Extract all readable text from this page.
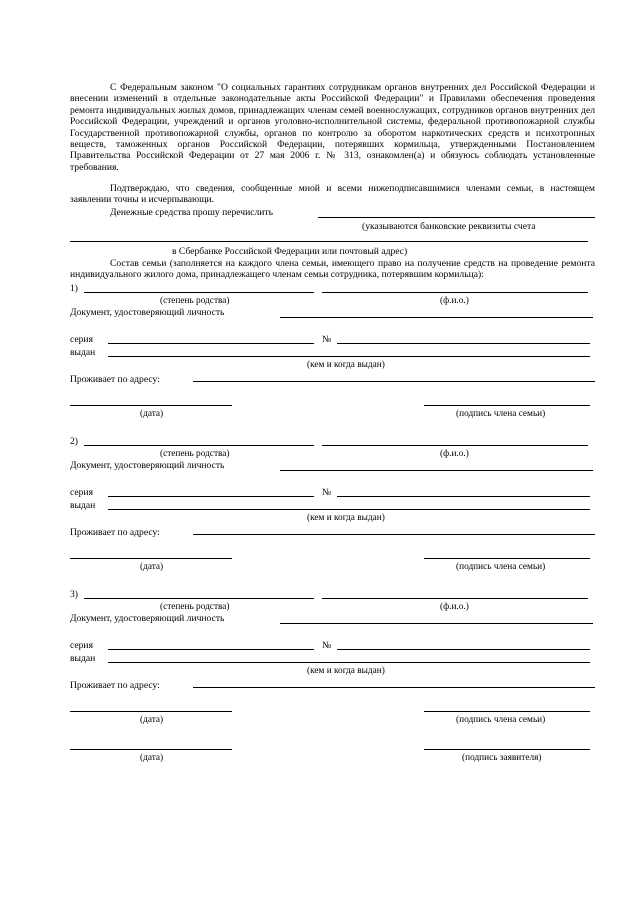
С Федеральным законом "О социальных гарантиях сотрудникам органов внутренних дел Российской Федерации и внесении изменений в отдельные законодательные акты Российской Федерации" и Правилами обеспечения проведения ремонта индивидуальных жилых домов, принадлежащих членам семей военнослужащих, сотрудников органов внутренних дел Российской Федерации, учреждений и органов уголовно-исполнительной системы, федеральной противопожарной службы Государственной противопожарной службы, органов по контролю за оборотом наркотических средств и психотропных веществ, таможенных органов Российской Федерации, потерявших кормильца, утвержденными Постановлением Правительства Российской Федерации от 27 мая 2006 г. № 313, ознакомлен(а) и обязуюсь соблюдать установленные требования.
Подтверждаю, что сведения, сообщенные мной и всеми нижеподписавшимися членами семьи, в настоящем заявлении точны и исчерпывающи.
Денежные средства прошу перечислить
(указываются банковские реквизиты счета
в Сбербанке Российской Федерации или почтовый адрес)
Состав семьи (заполняется на каждого члена семьи, имеющего право на получение средств на проведение ремонта индивидуального жилого дома, принадлежащего членам семьи сотрудника, потерявшим кормильца):
1)
(степень родства)	(ф.и.о.)
Документ, удостоверяющий личность
серия	№
выдан
(кем и когда выдан)
Проживает по адресу:
(дата)	(подпись члена семьи)
2)
(степень родства)	(ф.и.о.)
Документ, удостоверяющий личность
серия	№
выдан
(кем и когда выдан)
Проживает по адресу:
(дата)	(подпись члена семьи)
3)
(степень родства)	(ф.и.о.)
Документ, удостоверяющий личность
серия	№
выдан
(кем и когда выдан)
Проживает по адресу:
(дата)	(подпись члена семьи)
(дата)	(подпись заявителя)
